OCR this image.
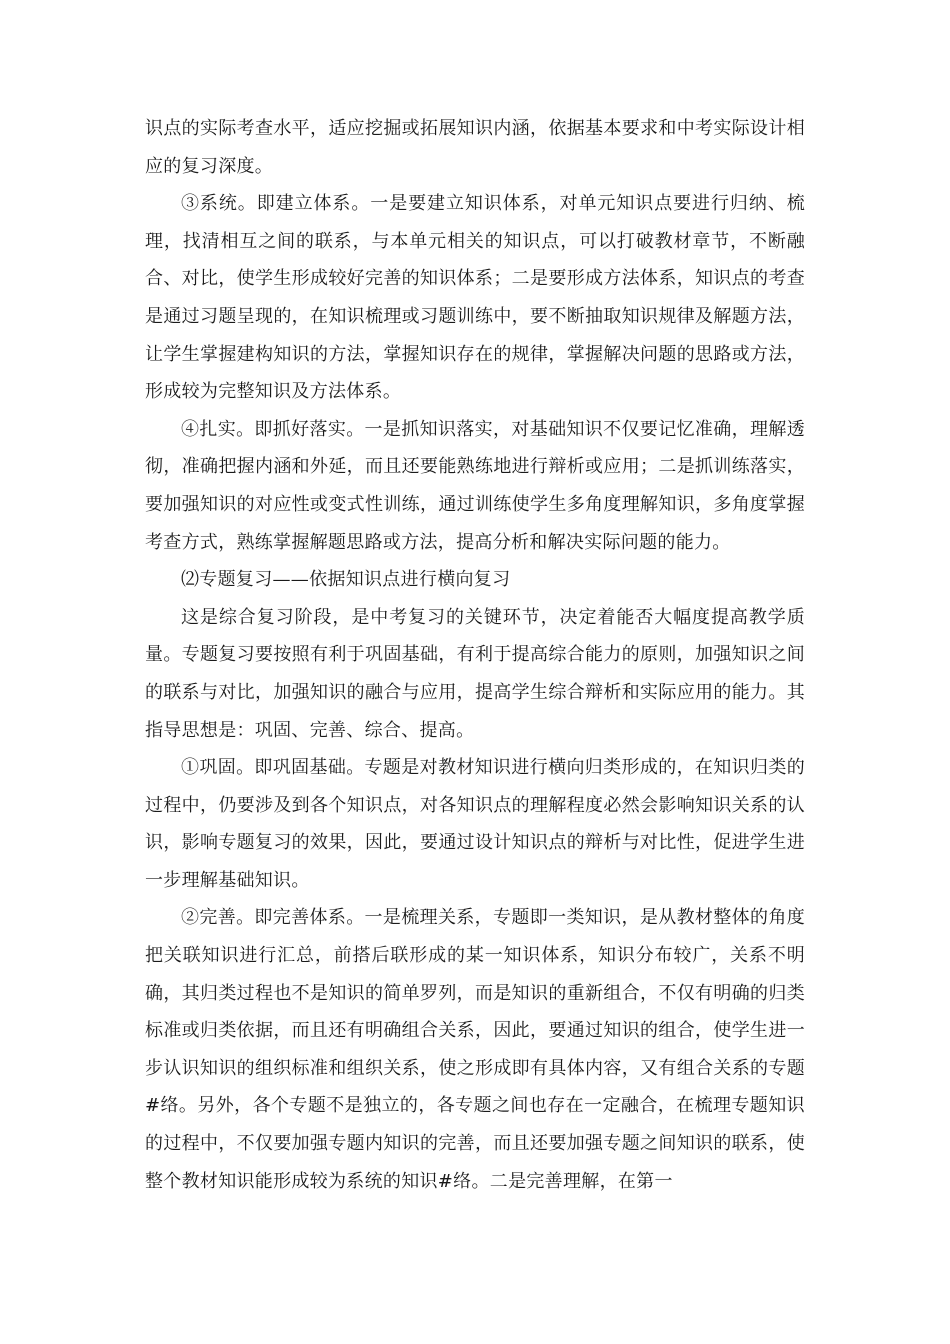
识点的实际考查水平，适应挖掘或拓展知识内涵，依据基本要求和中考实际设计相应的复习深度。

③系统。即建立体系。一是要建立知识体系，对单元知识点要进行归纳、梳理，找清相互之间的联系，与本单元相关的知识点，可以打破教材章节，不断融合、对比，使学生形成较好完善的知识体系；二是要形成方法体系，知识点的考查是通过习题呈现的，在知识梳理或习题训练中，要不断抽取知识规律及解题方法，让学生掌握建构知识的方法，掌握知识存在的规律，掌握解决问题的思路或方法，形成较为完整知识及方法体系。

④扎实。即抓好落实。一是抓知识落实，对基础知识不仅要记忆准确，理解透彻，准确把握内涵和外延，而且还要能熟练地进行辩析或应用；二是抓训练落实，要加强知识的对应性或变式性训练，通过训练使学生多角度理解知识，多角度掌握考查方式，熟练掌握解题思路或方法，提高分析和解决实际问题的能力。

⑵专题复习——依据知识点进行横向复习

这是综合复习阶段，是中考复习的关键环节，决定着能否大幅度提高教学质量。专题复习要按照有利于巩固基础，有利于提高综合能力的原则，加强知识之间的联系与对比，加强知识的融合与应用，提高学生综合辩析和实际应用的能力。其指导思想是：巩固、完善、综合、提高。

①巩固。即巩固基础。专题是对教材知识进行横向归类形成的，在知识归类的过程中，仍要涉及到各个知识点，对各知识点的理解程度必然会影响知识关系的认识，影响专题复习的效果，因此，要通过设计知识点的辩析与对比性，促进学生进一步理解基础知识。

②完善。即完善体系。一是梳理关系，专题即一类知识，是从教材整体的角度把关联知识进行汇总，前搭后联形成的某一知识体系，知识分布较广，关系不明确，其归类过程也不是知识的简单罗列，而是知识的重新组合，不仅有明确的归类标准或归类依据，而且还有明确组合关系，因此，要通过知识的组合，使学生进一步认识知识的组织标准和组织关系，使之形成即有具体内容，又有组合关系的专题#络。另外，各个专题不是独立的，各专题之间也存在一定融合，在梳理专题知识的过程中，不仅要加强专题内知识的完善，而且还要加强专题之间知识的联系，使整个教材知识能形成较为系统的知识#络。二是完善理解，在第一
